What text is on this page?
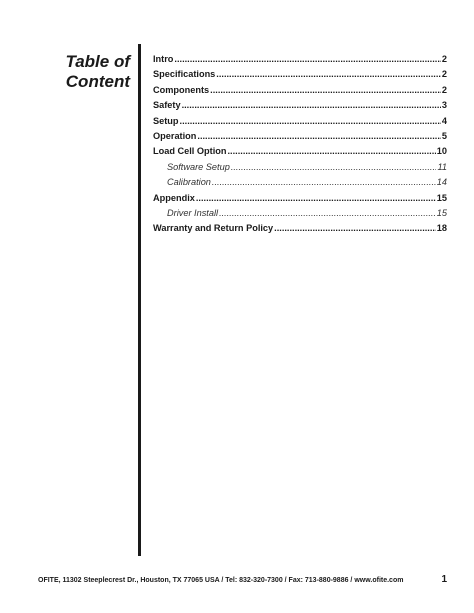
Table of
Content
Intro .....	2
Specifications .....	2
Components .....	2
Safety .....	3
Setup .....	4
Operation .....	5
Load Cell Option .....	10
Software Setup .....	11
Calibration .....	14
Appendix .....	15
Driver Install .....	15
Warranty and Return Policy .....	18
OFITE, 11302 Steeplecrest Dr., Houston, TX 77065 USA / Tel: 832-320-7300 / Fax: 713-880-9886 / www.ofite.com	1
